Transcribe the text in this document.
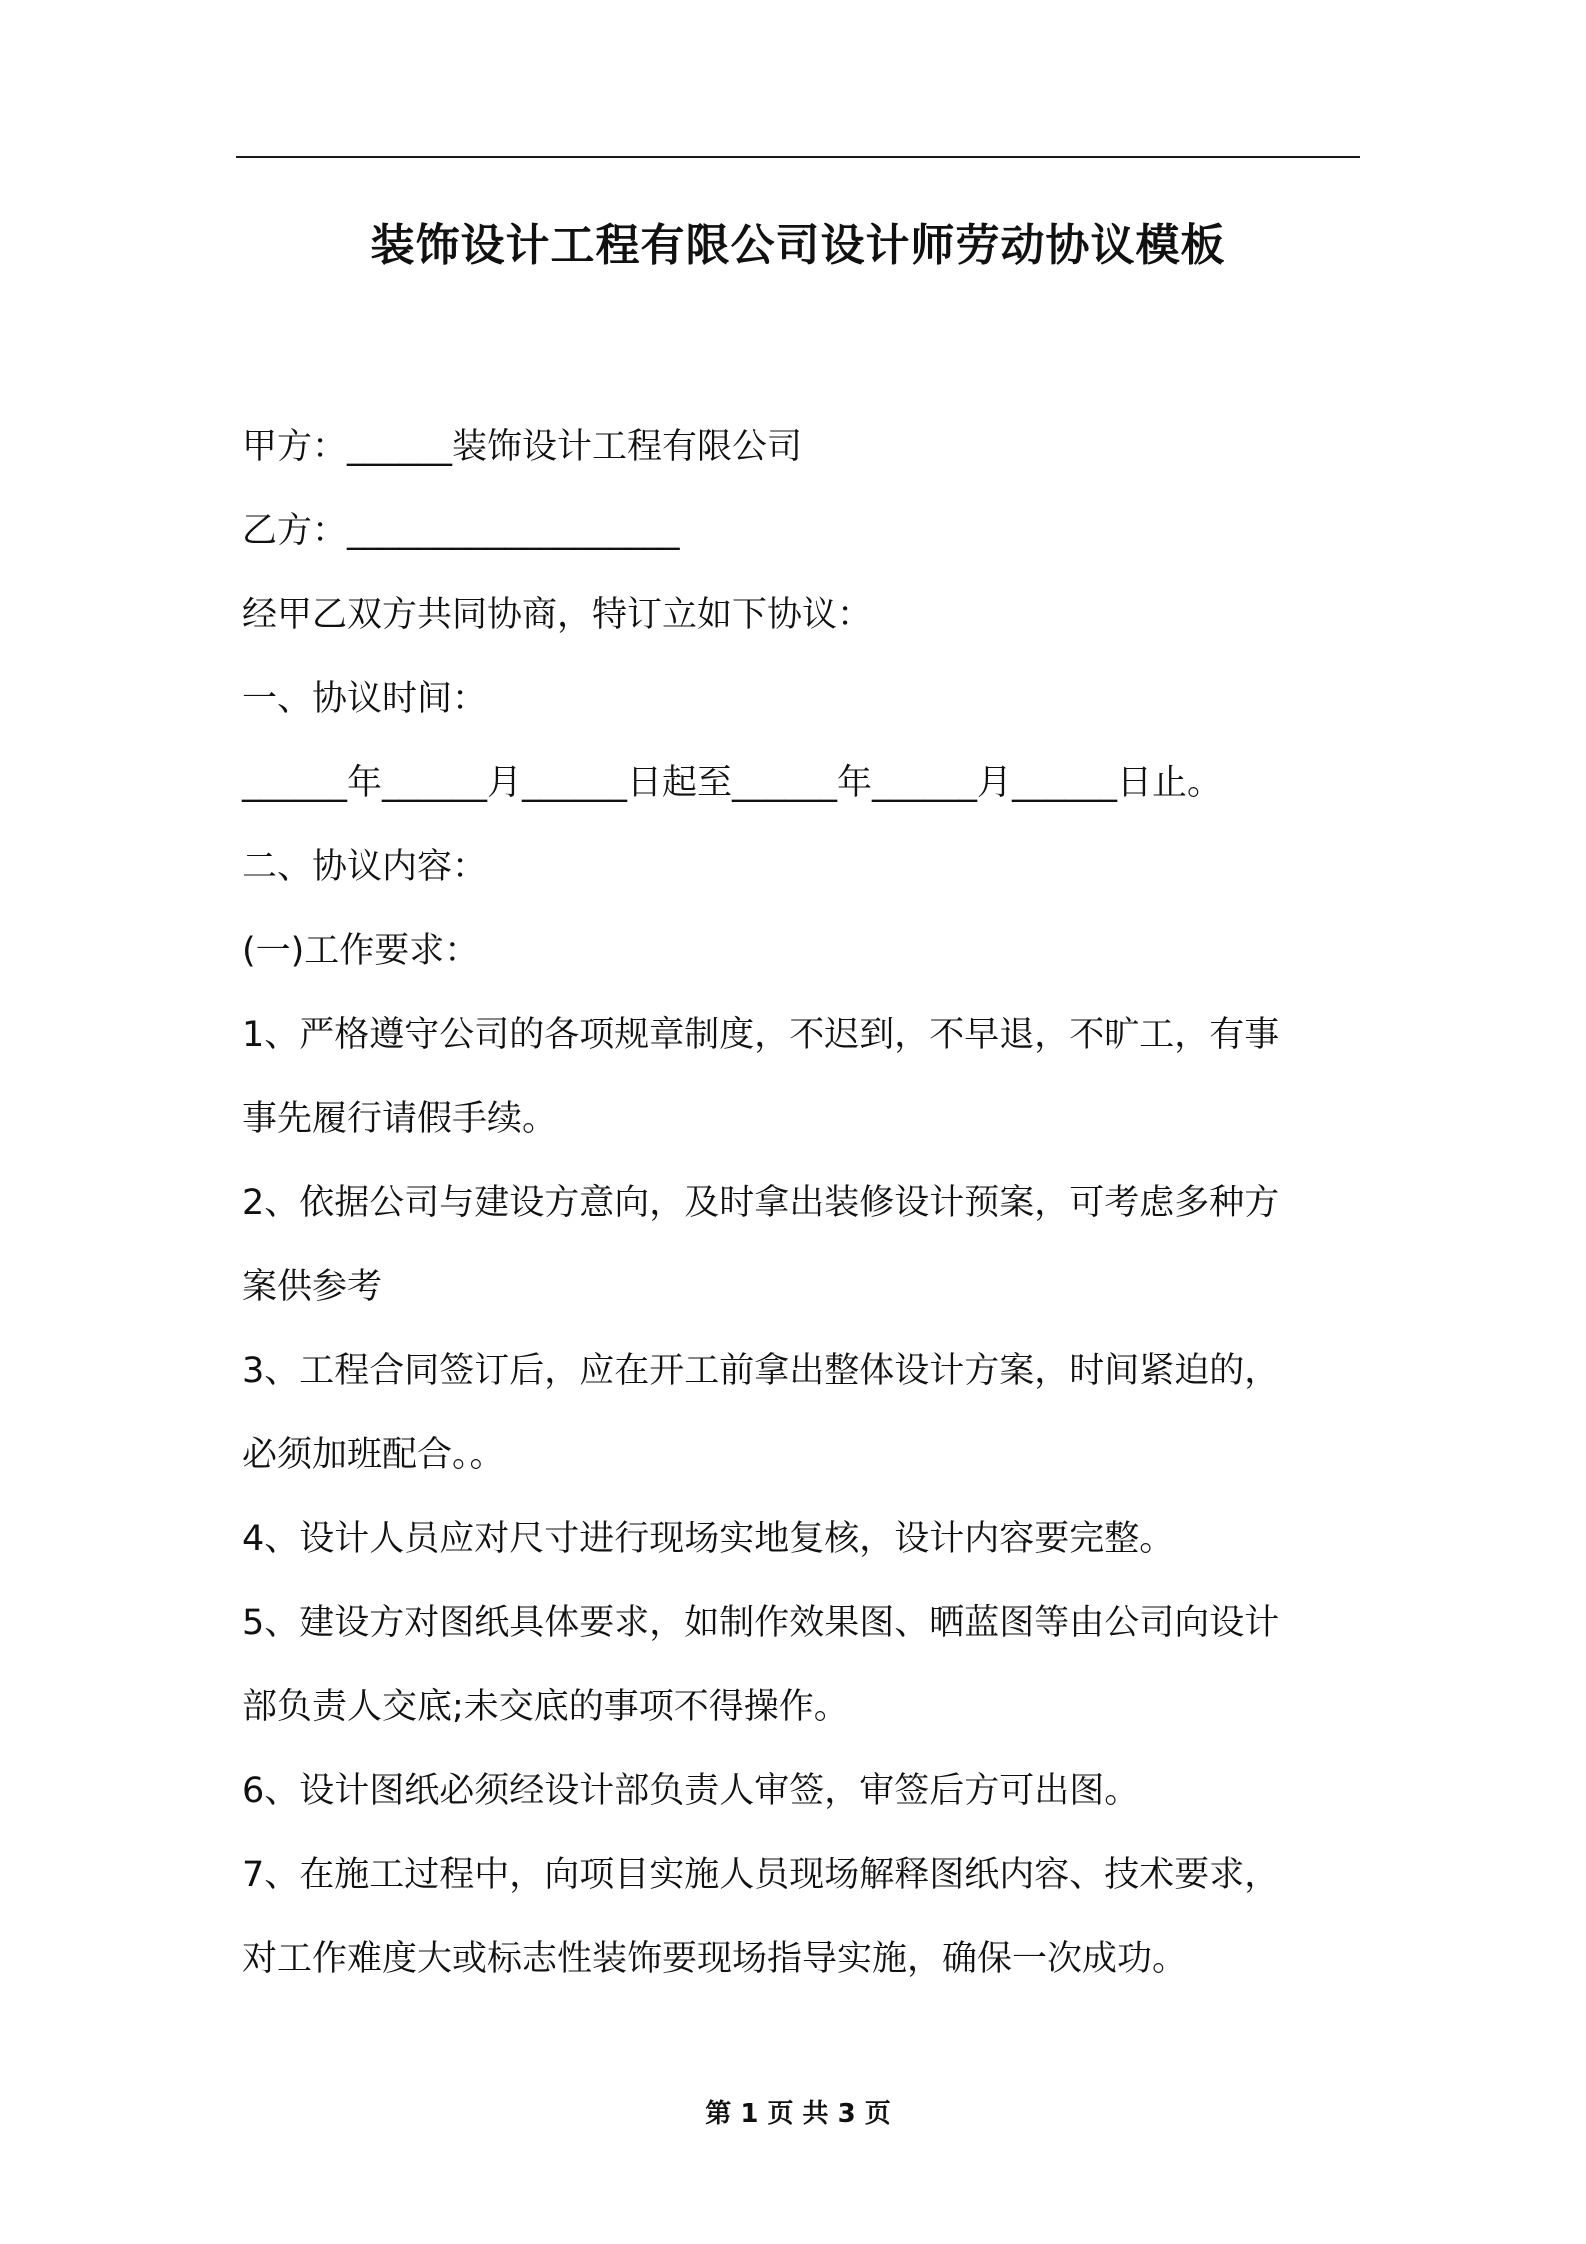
装饰设计工程有限公司设计师劳动协议模板
甲方：______装饰设计工程有限公司
乙方：___________________
经甲乙双方共同协商，特订立如下协议：
一、协议时间：
______年______月______日起至______年______月______日止。
二、协议内容：
(一)工作要求：
1、严格遵守公司的各项规章制度，不迟到，不早退，不旷工，有事
事先履行请假手续。
2、依据公司与建设方意向，及时拿出装修设计预案，可考虑多种方
案供参考
3、工程合同签订后，应在开工前拿出整体设计方案，时间紧迫的，
必须加班配合。。
4、设计人员应对尺寸进行现场实地复核，设计内容要完整。
5、建设方对图纸具体要求，如制作效果图、晒蓝图等由公司向设计
部负责人交底;未交底的事项不得操作。
6、设计图纸必须经设计部负责人审签，审签后方可出图。
7、在施工过程中，向项目实施人员现场解释图纸内容、技术要求，
对工作难度大或标志性装饰要现场指导实施，确保一次成功。
第 1 页 共 3 页
